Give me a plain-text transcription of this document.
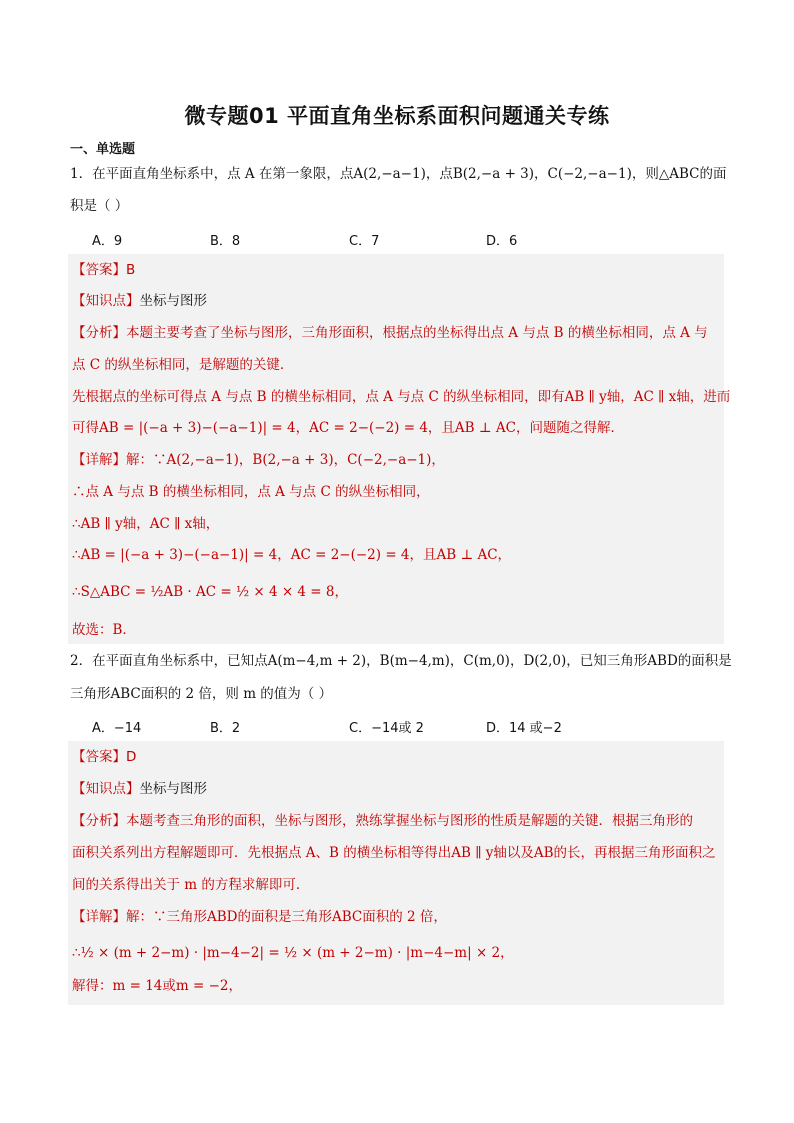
微专题01 平面直角坐标系面积问题通关专练
一、单选题
1．在平面直角坐标系中，点 A 在第一象限，点A(2,−a−1)，点B(2,−a + 3)，C(−2,−a−1)，则△ABC的面
积是（ ）
A．9	B．8	C．7	D．6
【答案】B
【知识点】坐标与图形
【分析】本题主要考查了坐标与图形，三角形面积，根据点的坐标得出点 A 与点 B 的横坐标相同，点 A 与
点 C 的纵坐标相同，是解题的关键．
先根据点的坐标可得点 A 与点 B 的横坐标相同，点 A 与点 C 的纵坐标相同，即有AB ∥ y轴，AC ∥ x轴，进而
可得AB = |(−a + 3)−(−a−1)| = 4，AC = 2−(−2) = 4，且AB ⊥ AC，问题随之得解．
【详解】解：∵A(2,−a−1)，B(2,−a + 3)，C(−2,−a−1)，
∴点 A 与点 B 的横坐标相同，点 A 与点 C 的纵坐标相同，
∴AB ∥ y轴，AC ∥ x轴，
∴AB = |(−a + 3)−(−a−1)| = 4，AC = 2−(−2) = 4，且AB ⊥ AC，
∴S△ABC = ½AB · AC = ½ × 4 × 4 = 8，
故选：B．
2．在平面直角坐标系中，已知点A(m−4,m + 2)，B(m−4,m)，C(m,0)，D(2,0)，已知三角形ABD的面积是
三角形ABC面积的 2 倍，则 m 的值为（ ）
A．−14	B．2	C．−14或 2	D．14 或−2
【答案】D
【知识点】坐标与图形
【分析】本题考查三角形的面积，坐标与图形，熟练掌握坐标与图形的性质是解题的关键．根据三角形的
面积关系列出方程解题即可．先根据点 A、B 的横坐标相等得出AB ∥ y轴以及AB的长，再根据三角形面积之
间的关系得出关于 m 的方程求解即可．
【详解】解：∵三角形ABD的面积是三角形ABC面积的 2 倍，
∴½ × (m + 2−m) · |m−4−2| = ½ × (m + 2−m) · |m−4−m| × 2，
解得：m = 14或m = −2，
